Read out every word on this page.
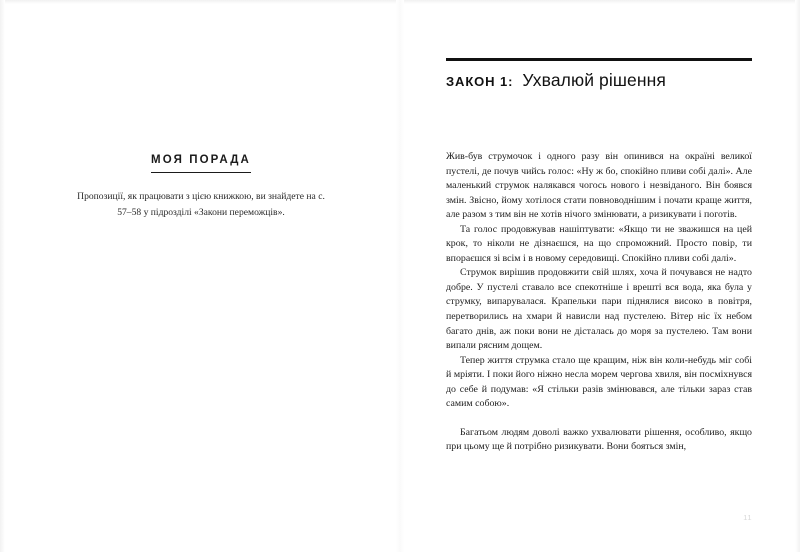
МОЯ ПОРАДА

Пропозиції, як працювати з цією книжкою, ви знайдете на с. 57–58 у підрозділі «Закони переможців».

ЗАКОН 1: Ухвалюй рішення

Жив-був струмочок і одного разу він опинився на окраїні великої пустелі, де почув чийсь голос: «Ну ж бо, спокійно пливи собі далі». Але маленький струмок налякався чогось нового і незвіданого. Він боявся змін. Звісно, йому хотілося стати повноводнішим і почати краще життя, але разом з тим він не хотів нічого змінювати, а ризикувати і поготів.

Та голос продовжував нашіптувати: «Якщо ти не зважишся на цей крок, то ніколи не дізнаєшся, на що спроможний. Просто повір, ти впораєшся зі всім і в новому середовищі. Спокійно пливи собі далі».

Струмок вирішив продовжити свій шлях, хоча й почувався не надто добре. У пустелі ставало все спекотніше і врешті вся вода, яка була у струмку, випарувалася. Крапельки пари піднялися високо в повітря, перетворились на хмари й нависли над пустелею. Вітер ніс їх небом багато днів, аж поки вони не дісталась до моря за пустелею. Там вони випали рясним дощем.

Тепер життя струмка стало ще кращим, ніж він коли-небудь міг собі й мріяти. І поки його ніжно несла морем чергова хвиля, він посміхнувся до себе й подумав: «Я стільки разів змінювався, але тільки зараз став самим собою».

Багатьом людям доволі важко ухвалювати рішення, особливо, якщо при цьому ще й потрібно ризикувати. Вони бояться змін,

11
